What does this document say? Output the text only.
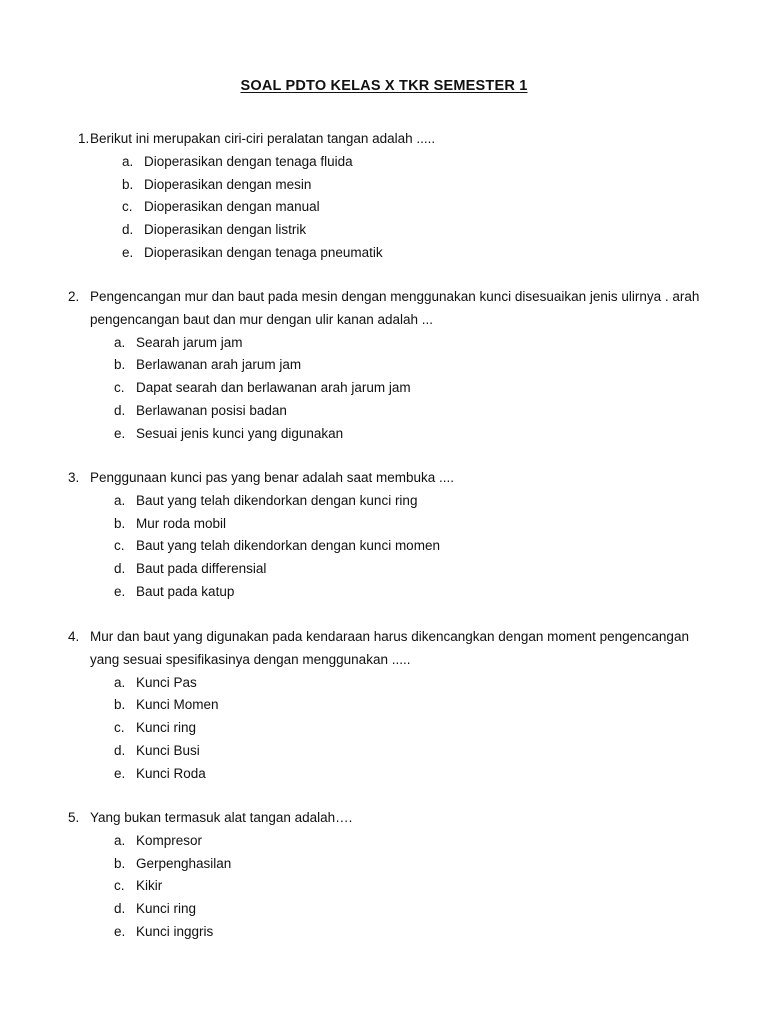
SOAL PDTO KELAS X TKR SEMESTER 1
1. Berikut ini merupakan ciri-ciri peralatan tangan adalah .....
a. Dioperasikan dengan tenaga fluida
b. Dioperasikan dengan mesin
c. Dioperasikan dengan manual
d. Dioperasikan dengan listrik
e. Dioperasikan dengan tenaga pneumatik
2. Pengencangan mur dan baut pada mesin dengan menggunakan kunci disesuaikan jenis ulirnya . arah pengencangan baut dan mur dengan ulir kanan adalah ...
a. Searah jarum jam
b. Berlawanan arah jarum jam
c. Dapat searah dan berlawanan arah jarum jam
d. Berlawanan posisi badan
e. Sesuai jenis kunci yang digunakan
3. Penggunaan kunci pas yang benar adalah saat membuka ....
a. Baut yang telah dikendorkan dengan kunci ring
b. Mur roda mobil
c. Baut yang telah dikendorkan dengan kunci momen
d. Baut pada differensial
e. Baut pada katup
4. Mur dan baut yang digunakan pada kendaraan harus dikencangkan dengan moment pengencangan yang sesuai spesifikasinya dengan menggunakan .....
a. Kunci Pas
b. Kunci Momen
c. Kunci ring
d. Kunci Busi
e. Kunci Roda
5. Yang bukan termasuk alat tangan adalah….
a. Kompresor
b. Gerpenghasilan
c. Kikir
d. Kunci ring
e. Kunci inggris
